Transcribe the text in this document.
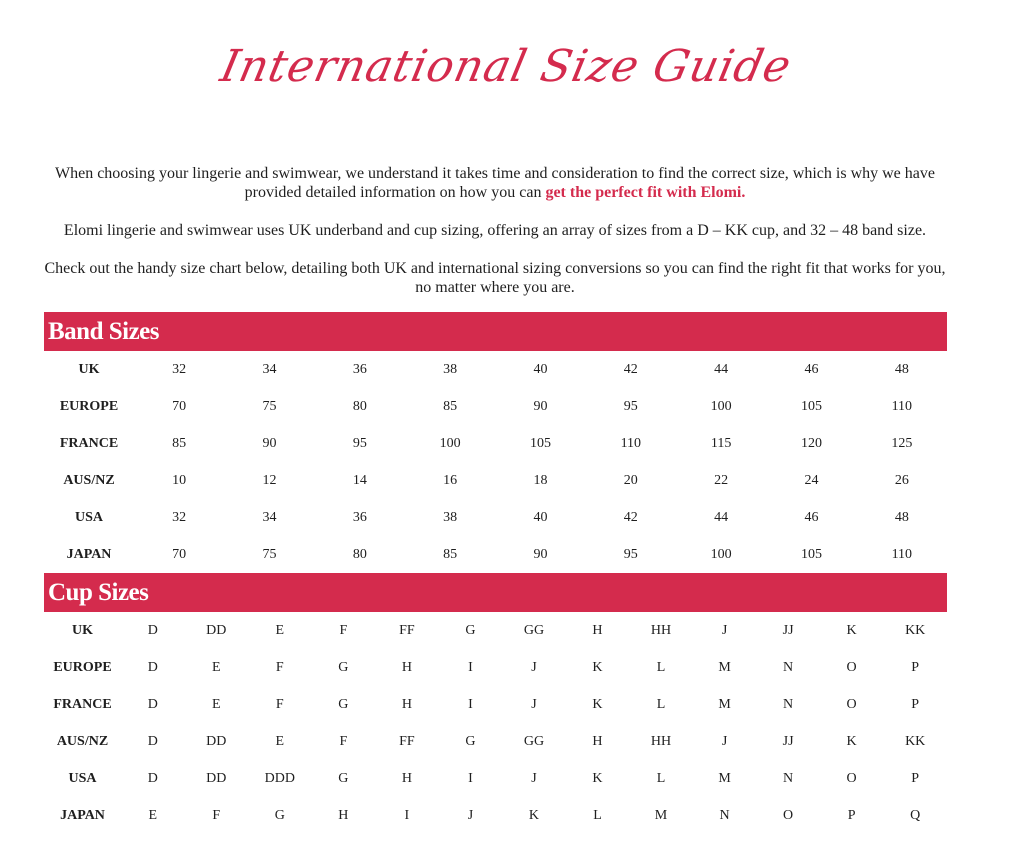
International Size Guide

When choosing your lingerie and swimwear, we understand it takes time and consideration to find the correct size, which is why we have provided detailed information on how you can get the perfect fit with Elomi.

Elomi lingerie and swimwear uses UK underband and cup sizing, offering an array of sizes from a D – KK cup, and 32 – 48 band size.

Check out the handy size chart below, detailing both UK and international sizing conversions so you can find the right fit that works for you, no matter where you are.

Band Sizes
UK	32	34	36	38	40	42	44	46	48
EUROPE	70	75	80	85	90	95	100	105	110
FRANCE	85	90	95	100	105	110	115	120	125
AUS/NZ	10	12	14	16	18	20	22	24	26
USA	32	34	36	38	40	42	44	46	48
JAPAN	70	75	80	85	90	95	100	105	110
Cup Sizes
UK	D	DD	E	F	FF	G	GG	H	HH	J	JJ	K	KK
EUROPE	D	E	F	G	H	I	J	K	L	M	N	O	P
FRANCE	D	E	F	G	H	I	J	K	L	M	N	O	P
AUS/NZ	D	DD	E	F	FF	G	GG	H	HH	J	JJ	K	KK
USA	D	DD	DDD	G	H	I	J	K	L	M	N	O	P
JAPAN	E	F	G	H	I	J	K	L	M	N	O	P	Q
